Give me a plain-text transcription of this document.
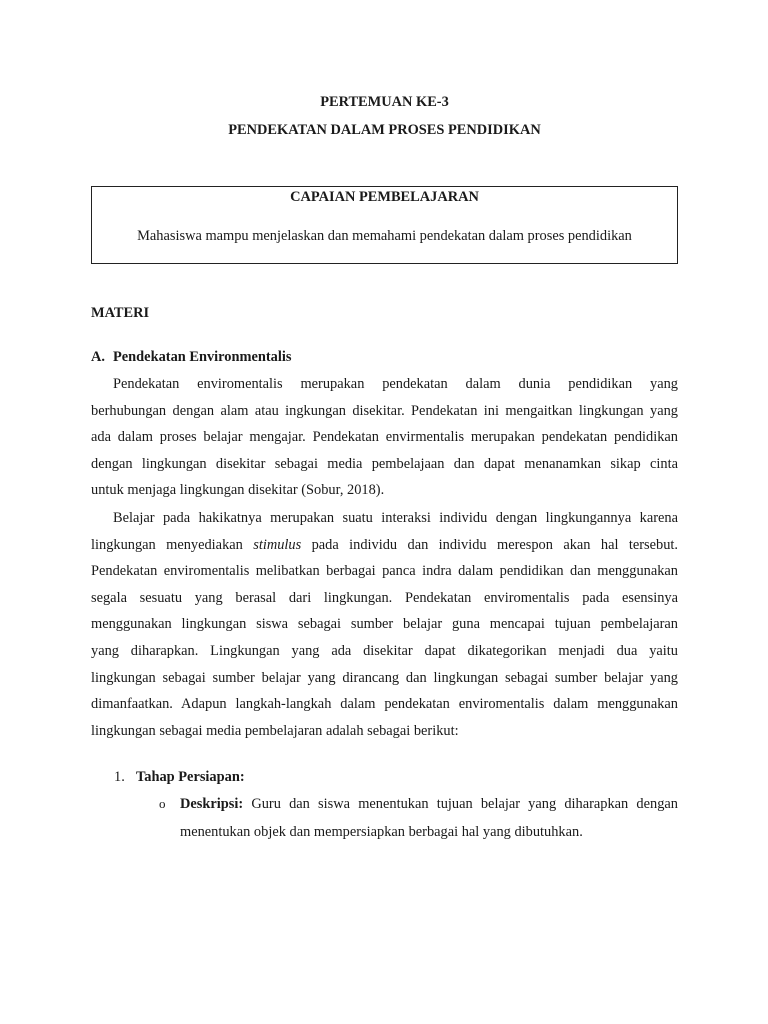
PERTEMUAN KE-3
PENDEKATAN DALAM PROSES PENDIDIKAN
CAPAIAN PEMBELAJARAN
Mahasiswa mampu menjelaskan dan memahami pendekatan dalam proses pendidikan
MATERI
A. Pendekatan Environmentalis
Pendekatan enviromentalis merupakan pendekatan dalam dunia pendidikan yang
berhubungan dengan alam atau ingkungan disekitar. Pendekatan ini mengaitkan lingkungan yang
ada dalam proses belajar mengajar. Pendekatan envirmentalis merupakan pendekatan pendidikan
dengan lingkungan disekitar sebagai media pembelajaan dan dapat menanamkan sikap cinta
untuk menjaga lingkungan disekitar (Sobur, 2018).
Belajar pada hakikatnya merupakan suatu interaksi individu dengan lingkungannya karena
lingkungan menyediakan stimulus pada individu dan individu merespon akan hal tersebut.
Pendekatan enviromentalis melibatkan berbagai panca indra dalam pendidikan dan menggunakan
segala sesuatu yang berasal dari lingkungan. Pendekatan enviromentalis pada esensinya
menggunakan lingkungan siswa sebagai sumber belajar guna mencapai tujuan pembelajaran
yang diharapkan. Lingkungan yang ada disekitar dapat dikategorikan menjadi dua yaitu
lingkungan sebagai sumber belajar yang dirancang dan lingkungan sebagai sumber belajar yang
dimanfaatkan. Adapun langkah-langkah dalam pendekatan enviromentalis dalam menggunakan
lingkungan sebagai media pembelajaran adalah sebagai berikut:
1. Tahap Persiapan:
o Deskripsi: Guru dan siswa menentukan tujuan belajar yang diharapkan dengan
menentukan objek dan mempersiapkan berbagai hal yang dibutuhkan.
